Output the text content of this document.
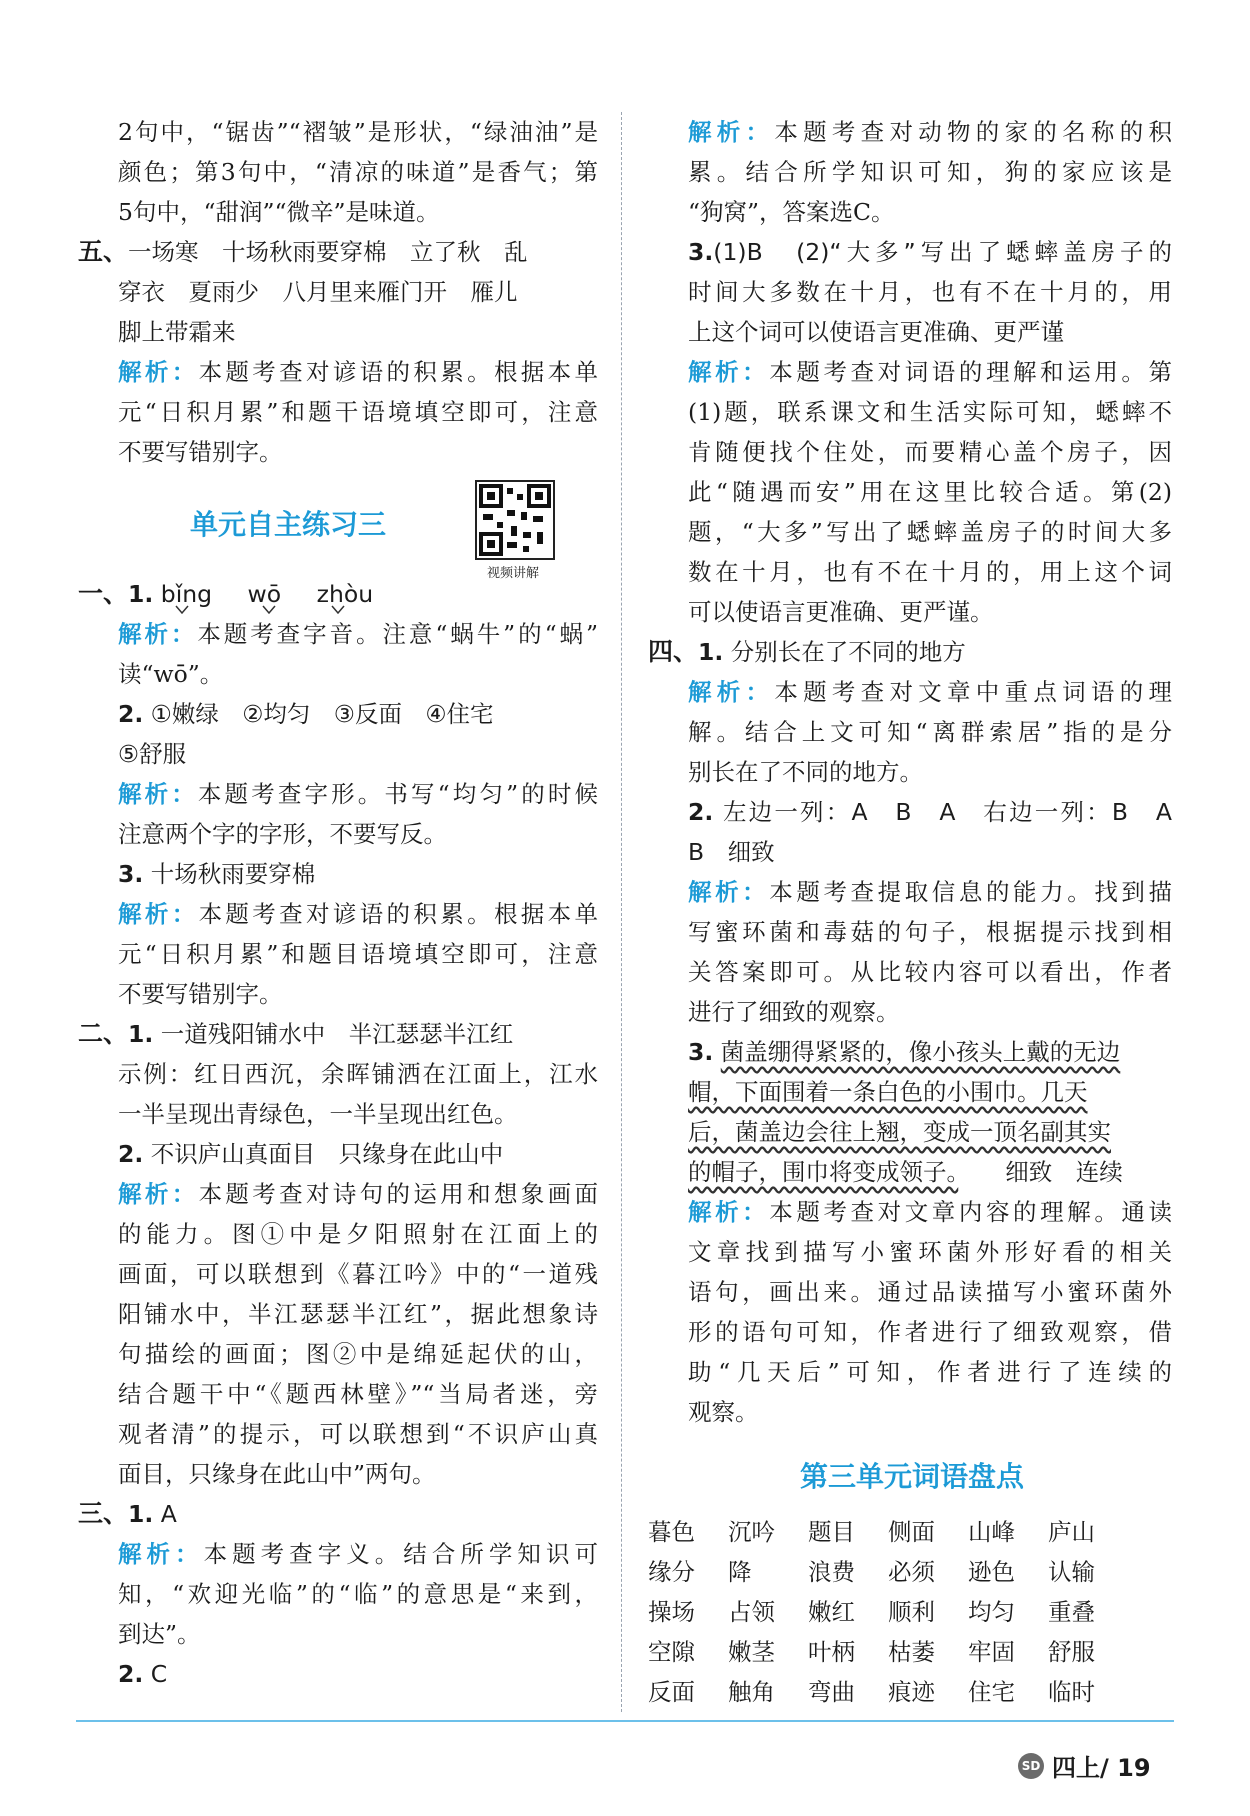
2句中，“锯齿”“褶皱”是形状，“绿油油”是
颜色；第3句中，“清凉的味道”是香气；第
5句中，“甜润”“微辛”是味道。
五、一场寒　十场秋雨要穿棉　立了秋　乱
穿衣　夏雨少　八月里来雁门开　雁儿
脚上带霜来
解析：本题考查对谚语的积累。根据本单
元“日积月累”和题干语境填空即可，注意
不要写错别字。
单元自主练习三
一、1. bǐng wō zhòu
解析：本题考查字音。注意“蜗牛”的“蜗”
读“wō”。
2. ①嫩绿　②均匀　③反面　④住宅
⑤舒服
解析：本题考查字形。书写“均匀”的时候
注意两个字的字形，不要写反。
3. 十场秋雨要穿棉
解析：本题考查对谚语的积累。根据本单
元“日积月累”和题目语境填空即可，注意
不要写错别字。
二、1. 一道残阳铺水中　半江瑟瑟半江红
示例：红日西沉，余晖铺洒在江面上，江水
一半呈现出青绿色，一半呈现出红色。
2. 不识庐山真面目　只缘身在此山中
解析：本题考查对诗句的运用和想象画面
的能力。图①中是夕阳照射在江面上的
画面，可以联想到《暮江吟》中的“一道残
阳铺水中，半江瑟瑟半江红”，据此想象诗
句描绘的画面；图②中是绵延起伏的山，
结合题干中“《题西林壁》”“当局者迷，旁
观者清”的提示，可以联想到“不识庐山真
面目，只缘身在此山中”两句。
三、1. A
解析：本题考查字义。结合所学知识可
知，“欢迎光临”的“临”的意思是“来到，
到达”。
2. C
视频讲解
解析：本题考查对动物的家的名称的积
累。结合所学知识可知，狗的家应该是
“狗窝”，答案选C。
3.(1)B　(2)“大多”写出了蟋蟀盖房子的
时间大多数在十月，也有不在十月的，用
上这个词可以使语言更准确、更严谨
解析：本题考查对词语的理解和运用。第
(1)题，联系课文和生活实际可知，蟋蟀不
肯随便找个住处，而要精心盖个房子，因
此“随遇而安”用在这里比较合适。第(2)
题，“大多”写出了蟋蟀盖房子的时间大多
数在十月，也有不在十月的，用上这个词
可以使语言更准确、更严谨。
四、1. 分别长在了不同的地方
解析：本题考查对文章中重点词语的理
解。结合上文可知“离群索居”指的是分
别长在了不同的地方。
2. 左边一列：A　B　A　右边一列：B　A
B　细致
解析：本题考查提取信息的能力。找到描
写蜜环菌和毒菇的句子，根据提示找到相
关答案即可。从比较内容可以看出，作者
进行了细致的观察。
3. 菌盖绷得紧紧的，像小孩头上戴的无边
帽，下面围着一条白色的小围巾。几天
后，菌盖边会往上翘，变成一顶名副其实
的帽子，围巾将变成领子。　　 细致　连续
解析：本题考查对文章内容的理解。通读
文章找到描写小蜜环菌外形好看的相关
语句，画出来。通过品读描写小蜜环菌外
形的语句可知，作者进行了细致观察，借
助“几天后”可知，作者进行了连续的
观察。
第三单元词语盘点
暮色	沉吟	题目	侧面	山峰	庐山
缘分	降	浪费	必须	逊色	认输
操场	占领	嫩红	顺利	均匀	重叠
空隙	嫩茎	叶柄	枯萎	牢固	舒服
反面	触角	弯曲	痕迹	住宅	临时
SD 四上/ 19
